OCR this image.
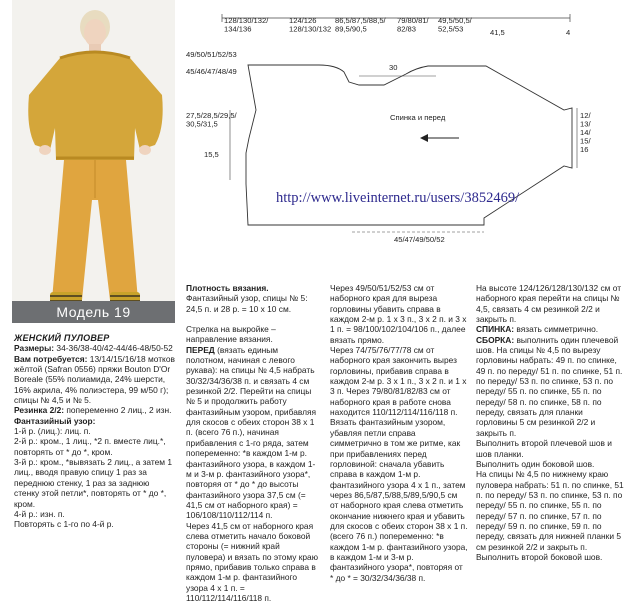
Модель 19
128/130/132/ 134/136
124/126 128/130/132
86,5/87,5/88,5/ 89,5/90,5
79/80/81/ 82/83
49,5/50,5/ 52,5/53	41,5	4
49/50/51/52/53
45/46/47/48/49
27,5/28,5/29,5/ 30,5/31,5
15,5
30
Спинка и перед	12/ 13/ 14/ 15/ 16
45/47/49/50/52
http://www.liveinternet.ru/users/3852469/

ЖЕНСКИЙ ПУЛОВЕР

Размеры: 34-36/38-40/42-44/46-48/50-52

Вам потребуется: 13/14/15/16/18 мотков жёлтой (Safran 0556) пряжи Bouton D'Or Boreale (55% полиамида, 24% шерсти, 16% акрила, 4% полиэстера, 99 м/50 г); спицы № 4,5 и № 5.

Резинка 2/2: попеременно 2 лиц., 2 изн.

Фантазийный узор:

1-й р. (лиц.): лиц. п.

2-й р.: кром., 1 лиц., *2 п. вместе лиц.*, повторять от * до *, кром.

3-й р.: кром., *вывязать 2 лиц., а затем 1 лиц., вводя правую спицу 1 раз за переднюю стенку, 1 раз за заднюю стенку этой петли*, повторять от * до *, кром.

4-й р.: изн. п.

Повторять с 1-го по 4-й р.

Плотность вязания. Фантазийный узор, спицы № 5: 24,5 п. и 28 р. = 10 х 10 см.

Стрелка на выкройке – направление вязания.

ПЕРЕД (вязать единым полотном, начиная с левого рукава): на спицы № 4,5 набрать 30/32/34/36/38 п. и связать 4 см резинкой 2/2. Перейти на спицы № 5 и продолжить работу фантазийным узором, прибавляя для скосов с обеих сторон 38 х 1 п. (всего 76 п.), начиная прибавления с 1-го ряда, затем попеременно: *в каждом 1-м р. фантазийного узора, в каждом 1-м и 3-м р. фантазийного узора*, повторяя от * до * до высоты фантазийного узора 37,5 см (= 41,5 см от наборного края) = 106/108/110/112/114 п.

Через 41,5 см от наборного края слева отметить начало боковой стороны (= нижний край пуловера) и вязать по этому краю прямо, прибавив только справа в каждом 1-м р. фантазийного узора 4 х 1 п. = 110/112/114/116/118 п.

Через 49/50/51/52/53 см от наборного края для выреза горловины убавить справа в каждом 2-м р. 1 х 3 п., 3 х 2 п. и 3 х 1 п. = 98/100/102/104/106 п., далее вязать прямо.

Через 74/75/76/77/78 см от наборного края закончить вырез горловины, прибавив справа в каждом 2-м р. 3 х 1 п., 3 х 2 п. и 1 х 3 п. Через 79/80/81/82/83 см от наборного края в работе снова находится 110/112/114/116/118 п. Вязать фантазийным узором, убавляя петли справа симметрично в том же ритме, как при прибавлениях перед горловиной: сначала убавить справа в каждом 1-м р. фантазийного узора 4 х 1 п., затем через 86,5/87,5/88,5/89,5/90,5 см от наборного края слева отметить окончание нижнего края и убавить для скосов с обеих сторон 38 х 1 п. (всего 76 п.) попеременно: *в каждом 1-м р. фантазийного узора, в каждом 1-м и 3-м р. фантазийного узора*, повторяя от * до * = 30/32/34/36/38 п.

На высоте 124/126/128/130/132 см от наборного края перейти на спицы № 4,5, связать 4 см резинкой 2/2 и закрыть п.

СПИНКА: вязать симметрично.

СБОРКА: выполнить один плечевой шов. На спицы № 4,5 по вырезу горловины набрать: 49 п. по спинке, 49 п. по переду/ 51 п. по спинке, 51 п. по переду/ 53 п. по спинке, 53 п. по переду/ 55 п. по спинке, 55 п. по переду/ 58 п. по спинке, 58 п. по переду, связать для планки горловины 5 см резинкой 2/2 и закрыть п.

Выполнить второй плечевой шов и шов планки.

Выполнить один боковой шов.

На спицы № 4,5 по нижнему краю пуловера набрать: 51 п. по спинке, 51 п. по переду/ 53 п. по спинке, 53 п. по переду/ 55 п. по спинке, 55 п. по переду/ 57 п. по спинке, 57 п. по переду/ 59 п. по спинке, 59 п. по переду, связать для нижней планки 5 см резинкой 2/2 и закрыть п.

Выполнить второй боковой шов.
